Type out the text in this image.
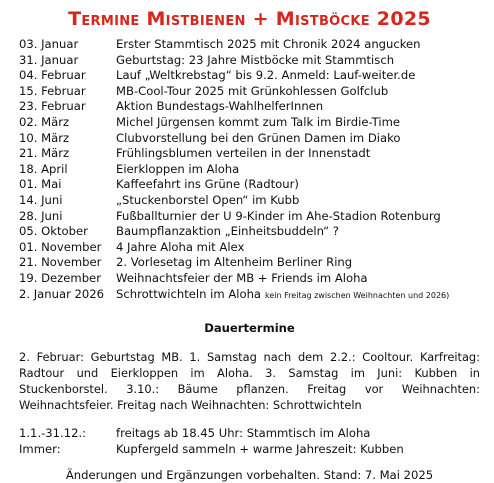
Termine Mistbienen + Mistböcke 2025
03. Januar	Erster Stammtisch 2025 mit Chronik 2024 angucken
31. Januar	Geburtstag: 23 Jahre Mistböcke mit Stammtisch
04. Februar	Lauf „Weltkrebstag“ bis 9.2. Anmeld: Lauf-weiter.de
15. Februar	MB-Cool-Tour 2025 mit Grünkohlessen Golfclub
23. Februar	Aktion Bundestags-WahlhelferInnen
02. März	Michel Jürgensen kommt zum Talk im Birdie-Time
10. März	Clubvorstellung bei den Grünen Damen im Diako
21. März	Frühlingsblumen verteilen in der Innenstadt
18. April	Eierkloppen im Aloha
01. Mai	Kaffeefahrt ins Grüne (Radtour)
14. Juni	„Stuckenborstel Open“ im Kubb
28. Juni	Fußballturnier der U 9-Kinder im Ahe-Stadion Rotenburg
05. Oktober	Baumpflanzaktion „Einheitsbuddeln“ ?
01. November	4 Jahre Aloha mit Alex
21. November	2. Vorlesetag im Altenheim Berliner Ring
19. Dezember	Weihnachtsfeier der MB + Friends im Aloha
2. Januar 2026	Schrottwichteln im Aloha kein Freitag zwischen Weihnachten und 2026)
Dauertermine

2. Februar: Geburtstag MB. 1. Samstag nach dem 2.2.: Cooltour. Karfreitag: Radtour und Eierkloppen im Aloha. 3. Samstag im Juni: Kubben in Stuckenborstel. 3.10.: Bäume pflanzen. Freitag vor Weihnachten: Weihnachtsfeier. Freitag nach Weihnachten: Schrottwichteln

1.1.-31.12.:	freitags ab 18.45 Uhr: Stammtisch im Aloha
Immer:	Kupfergeld sammeln + warme Jahreszeit: Kubben
Änderungen und Ergänzungen vorbehalten. Stand: 7. Mai 2025
